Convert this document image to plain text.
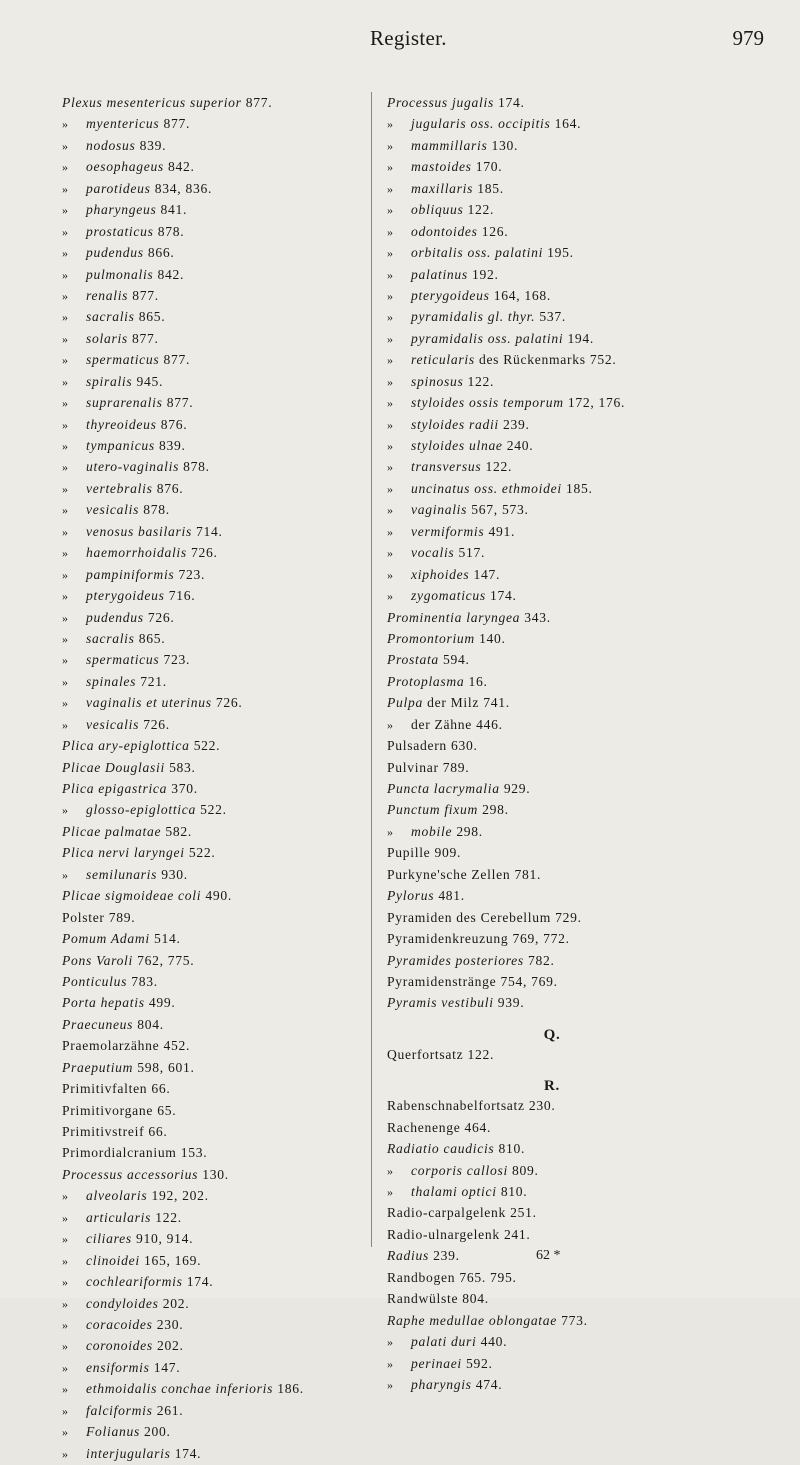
Register.	979
Plexus mesentericus superior 877.
» myentericus 877.
» nodosus 839.
» oesophageus 842.
» parotideus 834, 836.
» pharyngeus 841.
» prostaticus 878.
» pudendus 866.
» pulmonalis 842.
» renalis 877.
» sacralis 865.
» solaris 877.
» spermaticus 877.
» spiralis 945.
» suprarenalis 877.
» thyreoideus 876.
» tympanicus 839.
» utero-vaginalis 878.
» vertebralis 876.
» vesicalis 878.
» venosus basilaris 714.
» haemorrhoidalis 726.
» pampiniformis 723.
» pterygoideus 716.
» pudendus 726.
» sacralis 865.
» spermaticus 723.
» spinales 721.
» vaginalis et uterinus 726.
» vesicalis 726.
Plica ary-epiglottica 522.
Plicae Douglasii 583.
Plica epigastrica 370.
» glosso-epiglottica 522.
Plicae palmatae 582.
Plica nervi laryngei 522.
» semilunaris 930.
Plicae sigmoideae coli 490.
Polster 789.
Pomum Adami 514.
Pons Varoli 762, 775.
Ponticulus 783.
Porta hepatis 499.
Praecuneus 804.
Praemolarzähne 452.
Praeputium 598, 601.
Primitivfalten 66.
Primitivorgane 65.
Primitivstreif 66.
Primordialcranium 153.
Processus accessorius 130.
» alveolaris 192, 202.
» articularis 122.
» ciliares 910, 914.
» clinoidei 165, 169.
» cochleariformis 174.
» condyloides 202.
» coracoides 230.
» coronoides 202.
» ensiformis 147.
» ethmoidalis conchae inferioris 186.
» falciformis 261.
» Folianus 200.
» interjugularis 174.
Processus jugalis 174.
» jugularis oss. occipitis 164.
» mammillaris 130.
» mastoides 170.
» maxillaris 185.
» obliquus 122.
» odontoides 126.
» orbitalis oss. palatini 195.
» palatinus 192.
» pterygoideus 164, 168.
» pyramidalis gl. thyr. 537.
» pyramidalis oss. palatini 194.
» reticularis des Rückenmarks 752.
» spinosus 122.
» styloides ossis temporum 172, 176.
» styloides radii 239.
» styloides ulnae 240.
» transversus 122.
» uncinatus oss. ethmoidei 185.
» vaginalis 567, 573.
» vermiformis 491.
» vocalis 517.
» xiphoides 147.
» zygomaticus 174.
Prominentia laryngea 343.
Promontorium 140.
Prostata 594.
Protoplasma 16.
Pulpa der Milz 741.
» der Zähne 446.
Pulsadern 630.
Pulvinar 789.
Puncta lacrymalia 929.
Punctum fixum 298.
» mobile 298.
Pupille 909.
Purkyne'sche Zellen 781.
Pylorus 481.
Pyramiden des Cerebellum 729.
Pyramidenkreuzung 769, 772.
Pyramides posteriores 782.
Pyramidenstränge 754, 769.
Pyramis vestibuli 939.
Q.
Querfortsatz 122.
R.
Rabenschnabelfortsatz 230.
Rachenenge 464.
Radiatio caudicis 810.
» corporis callosi 809.
» thalami optici 810.
Radio-carpalgelenk 251.
Radio-ulnargelenk 241.
Radius 239.
Randbogen 765. 795.
Randwülste 804.
Raphe medullae oblongatae 773.
» palati duri 440.
» perinaei 592.
» pharyngis 474.
62 *
